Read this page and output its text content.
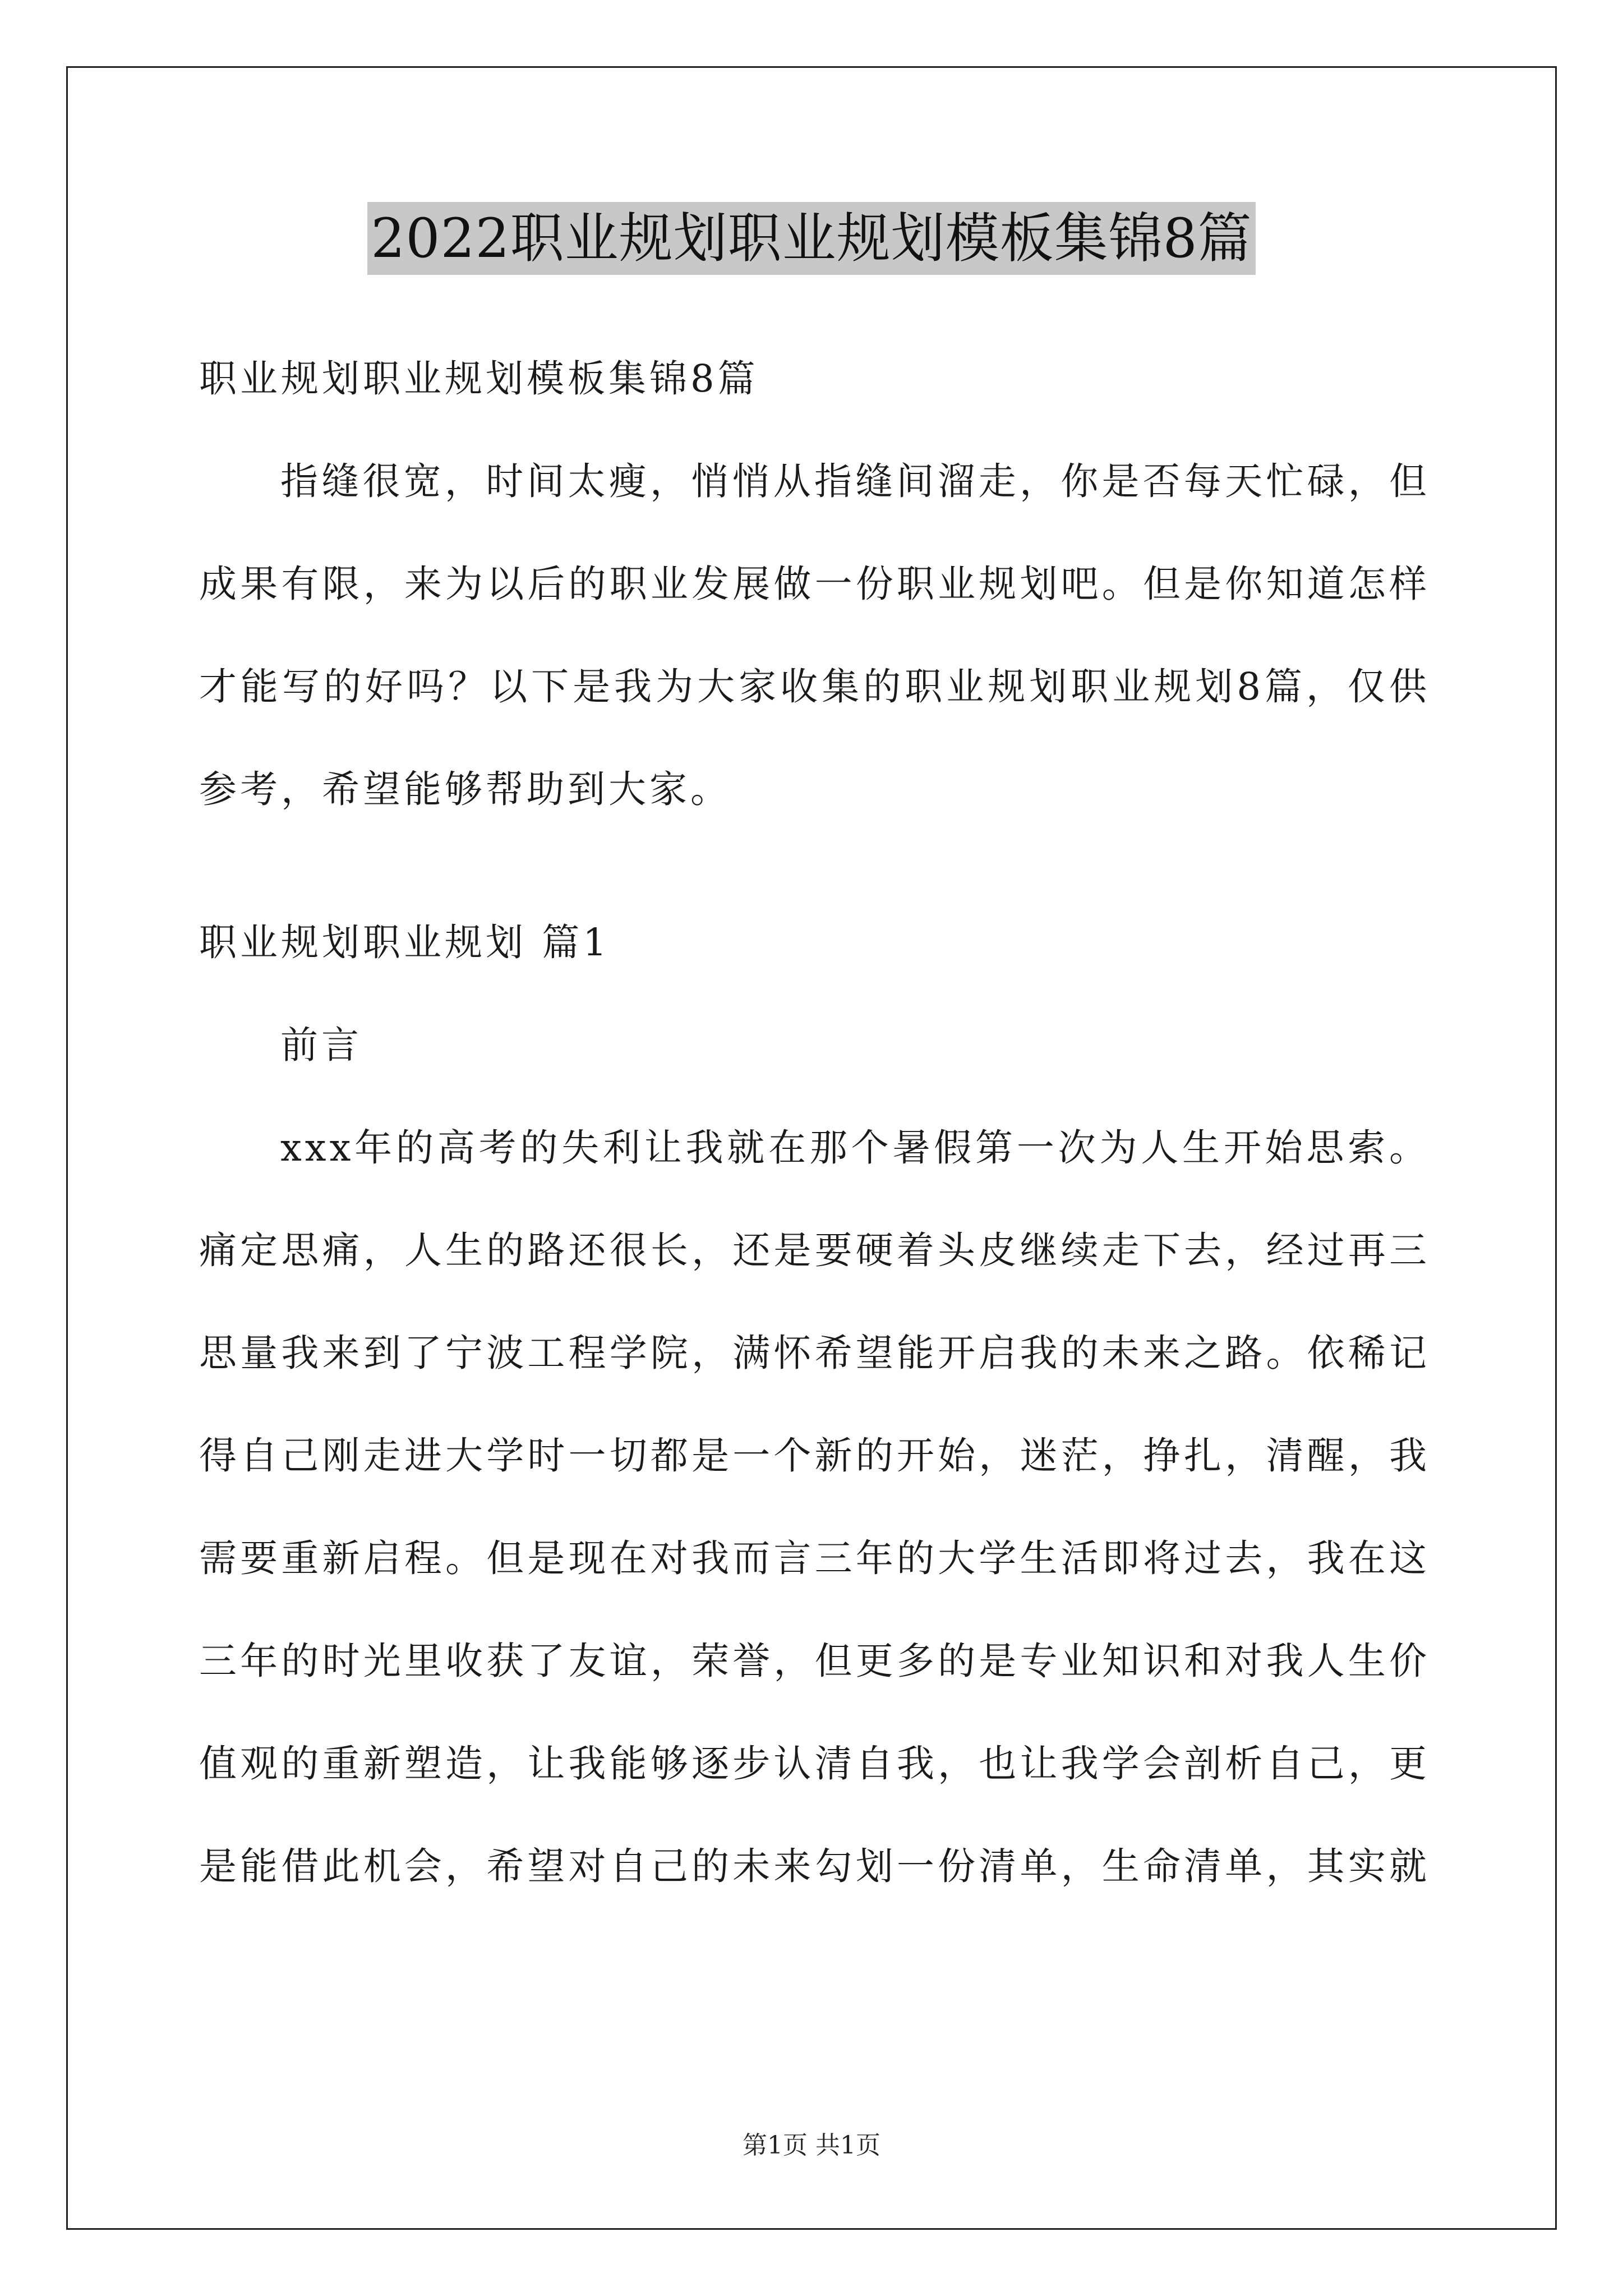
2022职业规划职业规划模板集锦8篇
职业规划职业规划模板集锦8篇
指缝很宽，时间太瘦，悄悄从指缝间溜走，你是否每天忙碌，但
成果有限，来为以后的职业发展做一份职业规划吧。但是你知道怎样
才能写的好吗？以下是我为大家收集的职业规划职业规划8篇，仅供
参考，希望能够帮助到大家。
职业规划职业规划 篇1
前言
xxx年的高考的失利让我就在那个暑假第一次为人生开始思索。
痛定思痛，人生的路还很长，还是要硬着头皮继续走下去，经过再三
思量我来到了宁波工程学院，满怀希望能开启我的未来之路。依稀记
得自己刚走进大学时一切都是一个新的开始，迷茫，挣扎，清醒，我
需要重新启程。但是现在对我而言三年的大学生活即将过去，我在这
三年的时光里收获了友谊，荣誉，但更多的是专业知识和对我人生价
值观的重新塑造，让我能够逐步认清自我，也让我学会剖析自己，更
是能借此机会，希望对自己的未来勾划一份清单，生命清单，其实就
第1页 共1页
